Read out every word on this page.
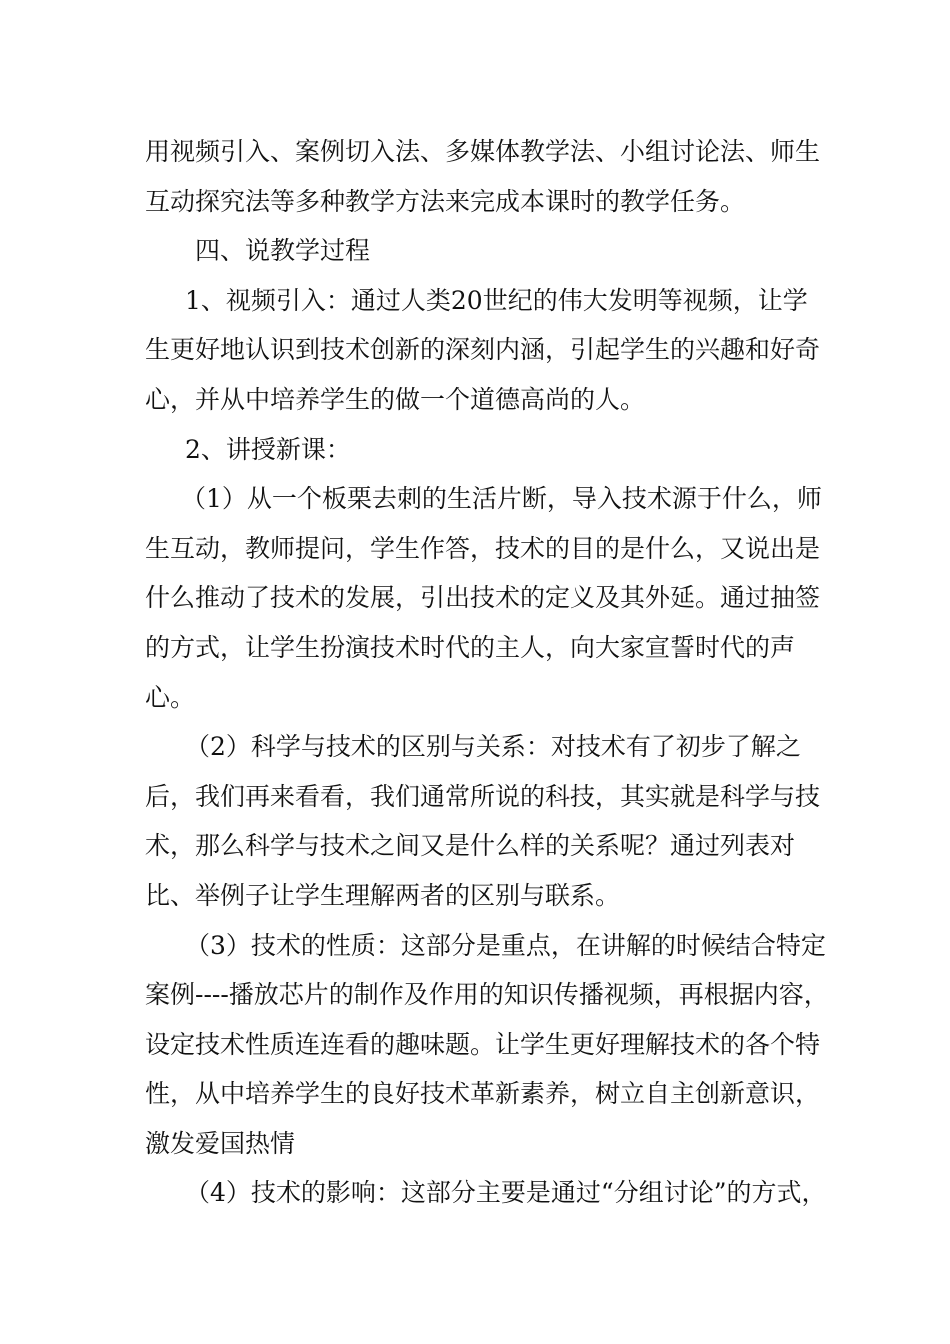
用视频引入、案例切入法、多媒体教学法、小组讨论法、师生
互动探究法等多种教学方法来完成本课时的教学任务。
四、说教学过程
1、视频引入：通过人类20世纪的伟大发明等视频，让学
生更好地认识到技术创新的深刻内涵，引起学生的兴趣和好奇
心，并从中培养学生的做一个道德高尚的人。
2、讲授新课：
（1）从一个板栗去刺的生活片断，导入技术源于什么，师
生互动，教师提问，学生作答，技术的目的是什么，又说出是
什么推动了技术的发展，引出技术的定义及其外延。通过抽签
的方式，让学生扮演技术时代的主人，向大家宣誓时代的声
心。
（2）科学与技术的区别与关系：对技术有了初步了解之
后，我们再来看看，我们通常所说的科技，其实就是科学与技
术，那么科学与技术之间又是什么样的关系呢？通过列表对
比、举例子让学生理解两者的区别与联系。
（3）技术的性质：这部分是重点，在讲解的时候结合特定
案例----播放芯片的制作及作用的知识传播视频，再根据内容，
设定技术性质连连看的趣味题。让学生更好理解技术的各个特
性，从中培养学生的良好技术革新素养，树立自主创新意识，
激发爱国热情
（4）技术的影响：这部分主要是通过“分组讨论”的方式，
